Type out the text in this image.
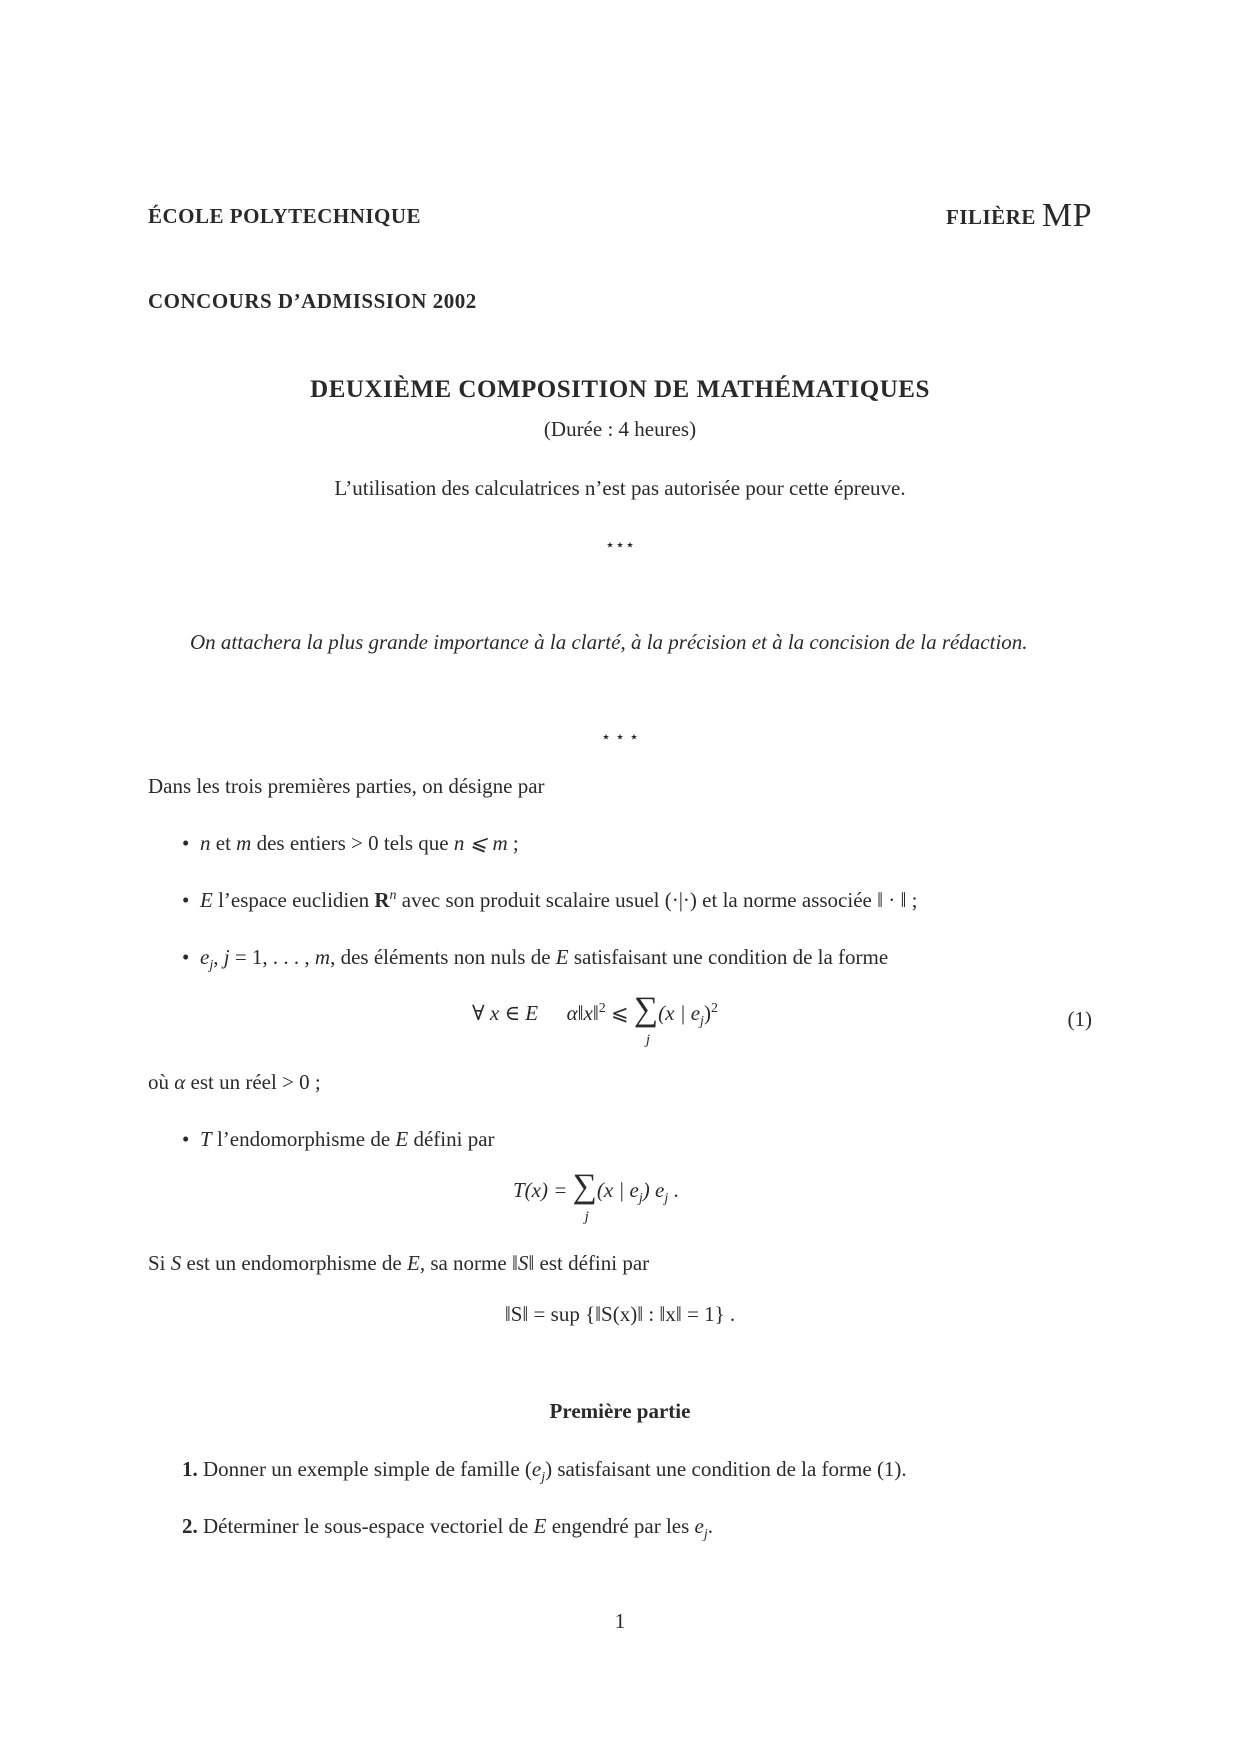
ÉCOLE POLYTECHNIQUE	FILIÈRE MP
CONCOURS D’ADMISSION 2002
DEUXIÈME COMPOSITION DE MATHÉMATIQUES
(Durée : 4 heures)
L’utilisation des calculatrices n’est pas autorisée pour cette épreuve.
⋆⋆⋆
On attachera la plus grande importance à la clarté, à la précision et à la concision de la rédaction.
⋆ ⋆ ⋆
Dans les trois premières parties, on désigne par
• n et m des entiers > 0 tels que n ⩽ m ;
• E l’espace euclidien $R^n$ avec son produit scalaire usuel (·|·) et la norme associée ‖ · ‖ ;
• $e_j$, j = 1, . . . , m, des éléments non nuls de E satisfaisant une condition de la forme
∀ x ∈ E α‖x‖$^2$ ⩽ ∑
j
(x | $e_j)^2$	(1)
où α est un réel > 0 ;
• T l’endomorphisme de E défini par
T(x) = ∑
j
(x | $e_j$) $e_j$ .
Si S est un endomorphisme de E, sa norme ‖S‖ est défini par
‖S‖ = sup {‖S(x)‖ : ‖x‖ = 1} .
Première partie
1. Donner un exemple simple de famille $(e_j)$ satisfaisant une condition de la forme (1).
2. Déterminer le sous-espace vectoriel de E engendré par les $e_j$.
1
